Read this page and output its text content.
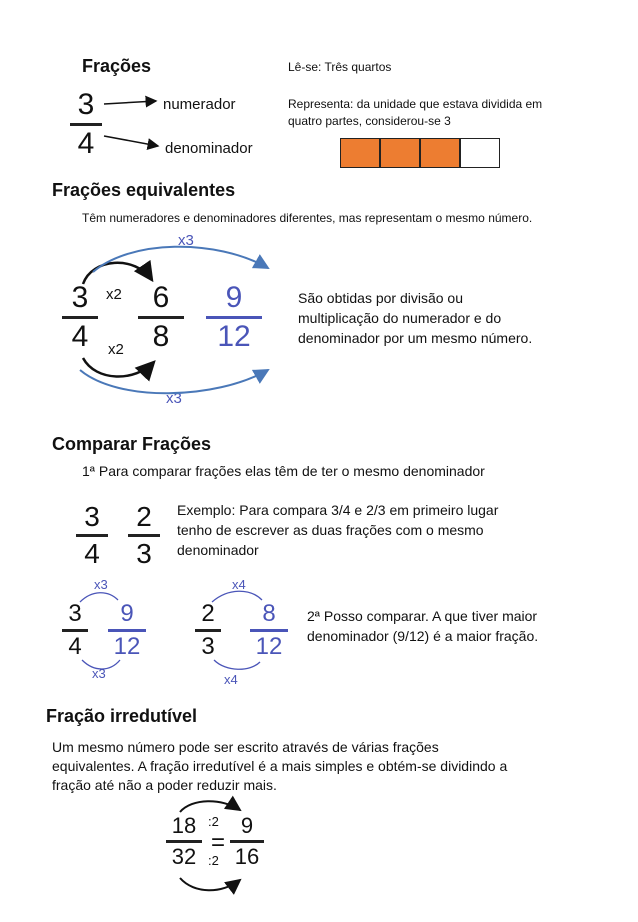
Frações
3
4
numerador
denominador
Lê-se: Três quartos
Representa: da unidade que estava dividida em
quatro partes, considerou-se 3
Frações equivalentes
Têm numeradores e denominadores diferentes, mas representam o mesmo número.
3
4
6
8
9
12
x2
x2
x3
x3
São obtidas por divisão ou
multiplicação do numerador e do
denominador por um mesmo número.
Comparar Frações
1ª Para comparar frações elas têm de ter o mesmo denominador
3
4
2
3
Exemplo: Para compara 3/4 e 2/3 em primeiro lugar
tenho de escrever as duas frações com o mesmo
denominador
x3
3
4
9
12
x3
x4
2
3
8
12
x4
2ª Posso comparar. A que tiver maior
denominador (9/12) é a maior fração.
Fração irredutível
Um mesmo número pode ser escrito através de várias frações
equivalentes. A fração irredutível é a mais simples e obtém-se dividindo a
fração até não a poder reduzir mais.
18
32
:2
:2
=
9
16
